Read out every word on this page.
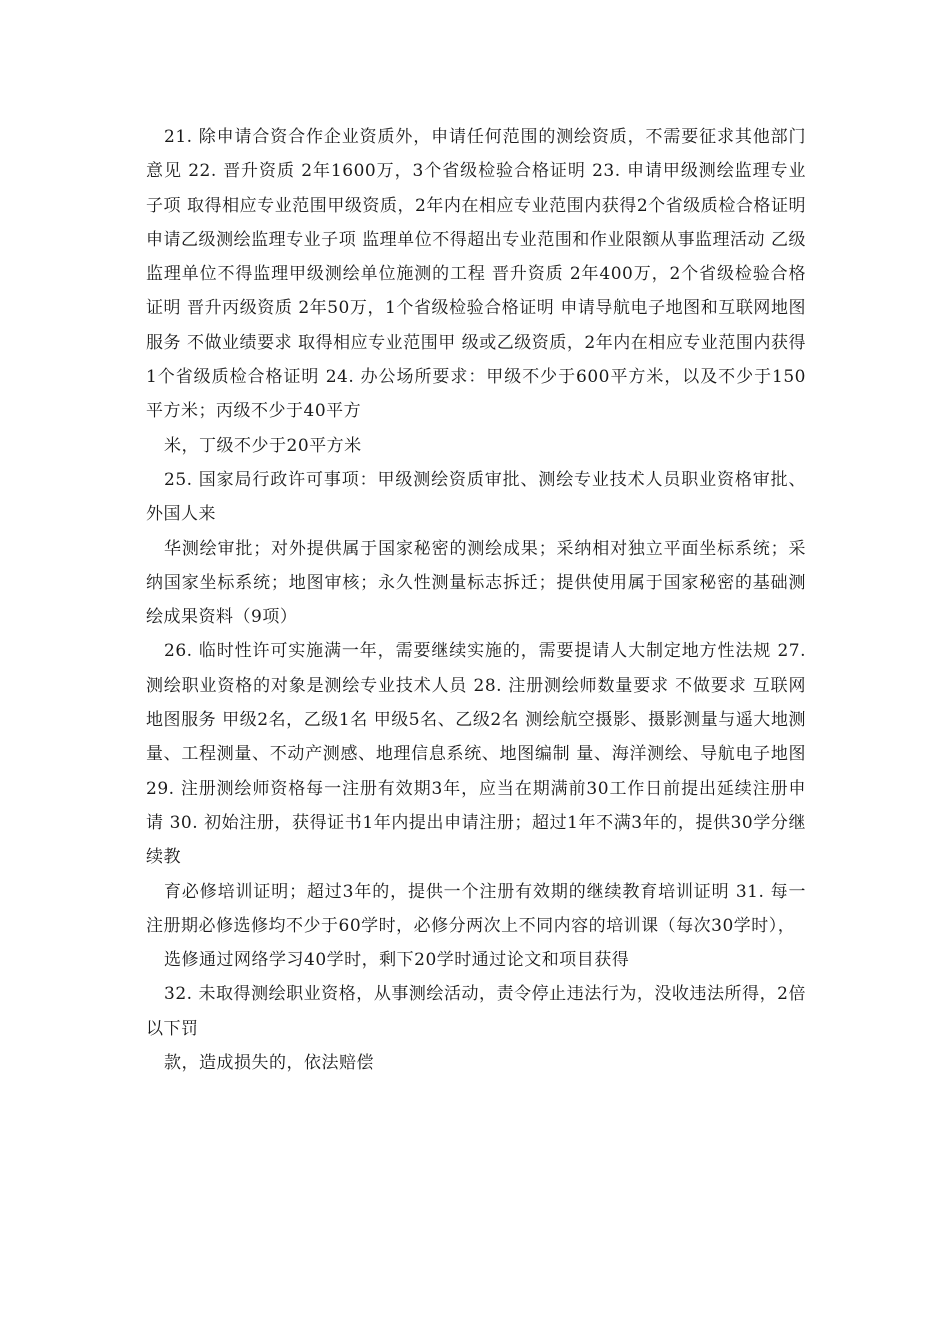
21. 除申请合资合作企业资质外，申请任何范围的测绘资质，不需要征求其他部门意见 22. 晋升资质 2年1600万，3个省级检验合格证明 23. 申请甲级测绘监理专业子项 取得相应专业范围甲级资质，2年内在相应专业范围内获得2个省级质检合格证明 申请乙级测绘监理专业子项 监理单位不得超出专业范围和作业限额从事监理活动 乙级监理单位不得监理甲级测绘单位施测的工程 晋升资质 2年400万，2个省级检验合格证明 晋升丙级资质 2年50万，1个省级检验合格证明 申请导航电子地图和互联网地图服务 不做业绩要求 取得相应专业范围甲 级或乙级资质，2年内在相应专业范围内获得1个省级质检合格证明 24. 办公场所要求：甲级不少于600平方米，以及不少于150平方米；丙级不少于40平方

米，丁级不少于20平方米

25. 国家局行政许可事项：甲级测绘资质审批、测绘专业技术人员职业资格审批、外国人来

华测绘审批；对外提供属于国家秘密的测绘成果；采纳相对独立平面坐标系统；采纳国家坐标系统；地图审核；永久性测量标志拆迁；提供使用属于国家秘密的基础测绘成果资料（9项）

26. 临时性许可实施满一年，需要继续实施的，需要提请人大制定地方性法规 27. 测绘职业资格的对象是测绘专业技术人员 28. 注册测绘师数量要求 不做要求 互联网地图服务 甲级2名，乙级1名 甲级5名、乙级2名 测绘航空摄影、摄影测量与遥大地测量、工程测量、不动产测感、地理信息系统、地图编制 量、海洋测绘、导航电子地图 29. 注册测绘师资格每一注册有效期3年，应当在期满前30工作日前提出延续注册申请 30. 初始注册，获得证书1年内提出申请注册；超过1年不满3年的，提供30学分继续教

育必修培训证明；超过3年的，提供一个注册有效期的继续教育培训证明 31. 每一注册期必修选修均不少于60学时，必修分两次上不同内容的培训课（每次30学时），

选修通过网络学习40学时，剩下20学时通过论文和项目获得

32. 未取得测绘职业资格，从事测绘活动，责令停止违法行为，没收违法所得，2倍以下罚

款，造成损失的，依法赔偿
